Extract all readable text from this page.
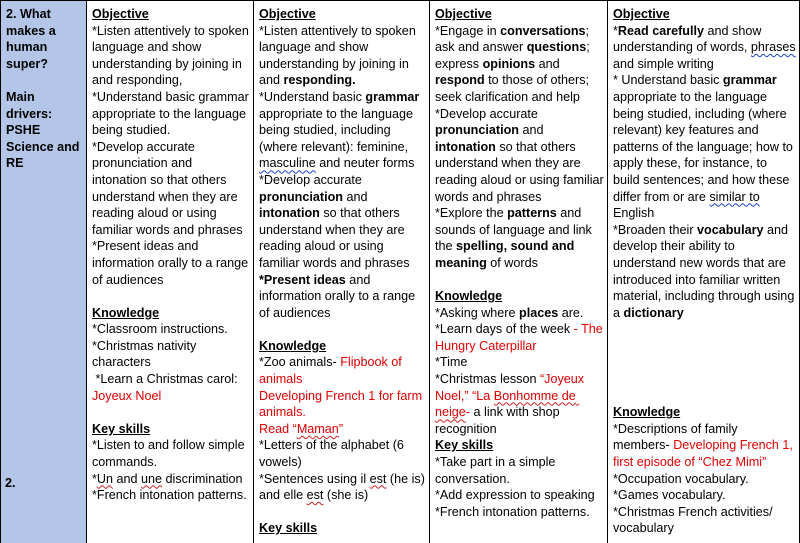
2. What makes a human super?

Main drivers:
PSHE
Science and RE
2.
Objective
*Listen attentively to spoken language and show understanding by joining in and responding,
*Understand basic grammar appropriate to the language being studied.
*Develop accurate pronunciation and intonation so that others understand when they are reading aloud or using familiar words and phrases
*Present ideas and information orally to a range of audiences

Knowledge
*Classroom instructions.
*Christmas nativity characters
*Learn a Christmas carol: Joyeux Noel

Key skills
*Listen to and follow simple commands.
*Un and une discrimination
*French intonation patterns.
Objective
*Listen attentively to spoken language and show understanding by joining in and responding.
*Understand basic grammar appropriate to the language being studied, including (where relevant): feminine, masculine and neuter forms
*Develop accurate pronunciation and intonation so that others understand when they are reading aloud or using familiar words and phrases
*Present ideas and information orally to a range of audiences

Knowledge
*Zoo animals- Flipbook of animals
Developing French 1 for farm animals.
Read “Maman”
*Letters of the alphabet (6 vowels)
*Sentences using il est (he is) and elle est (she is)

Key skills
Objective
*Engage in conversations; ask and answer questions; express opinions and respond to those of others; seek clarification and help
*Develop accurate pronunciation and intonation so that others understand when they are reading aloud or using familiar words and phrases
*Explore the patterns and sounds of language and link the spelling, sound and meaning of words

Knowledge
*Asking where places are.
*Learn days of the week - The Hungry Caterpillar
*Time
*Christmas lesson “Joyeux Noel,” “La Bonhomme de neige- a link with shop recognition
Key skills
*Take part in a simple conversation.
*Add expression to speaking
*French intonation patterns.
Objective
*Read carefully and show understanding of words, phrases and simple writing
* Understand basic grammar appropriate to the language being studied, including (where relevant) key features and patterns of the language; how to apply these, for instance, to build sentences; and how these differ from or are similar to English
*Broaden their vocabulary and develop their ability to understand new words that are introduced into familiar written material, including through using a dictionary

Knowledge
*Descriptions of family members- Developing French 1, first episode of “Chez Mimi”
*Occupation vocabulary.
*Games vocabulary.
*Christmas French activities/ vocabulary
